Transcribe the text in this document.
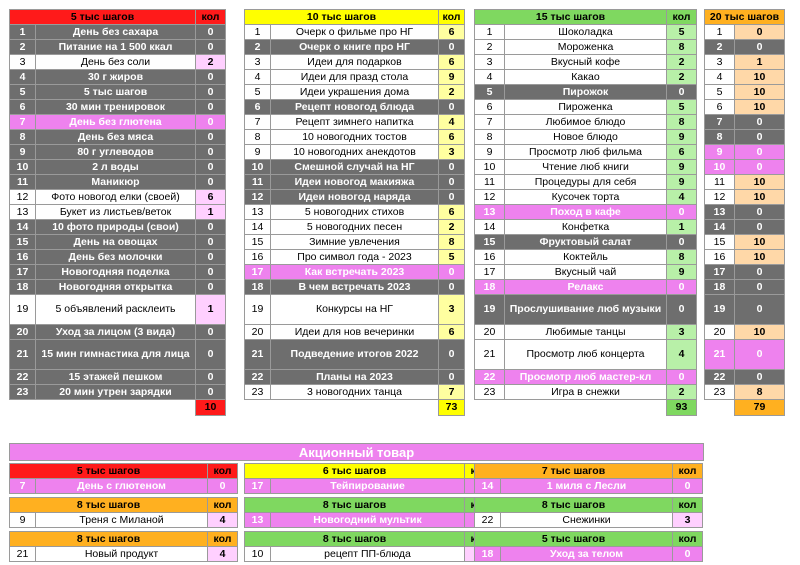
5 тыс шагов		кол
1	День без сахара	0
2	Питание на 1 500 ккал	0
3	День без соли	2
4	30 г жиров	0
5	5 тыс шагов	0
6	30 мин тренировок	0
7	День без глютена	0
8	День без мяса	0
9	80 г углеводов	0
10	2 л воды	0
11	Маникюр	0
12	Фото новогод елки (своей)	6
13	Букет из листьев/веток	1
14	10 фото природы (свои)	0
15	День на овощах	0
16	День без молочки	0
17	Новогодняя поделка	0
18	Новогодняя открытка	0
19	5 объявлений расклеить	1
20	Уход за лицом (3 вида)	0
21	15 мин гимнастика для лица	0
22	15 этажей пешком	0
23	20 мин утрен зарядки	0
		10
10 тыс шагов		кол
1	Очерк о фильме про НГ	6
2	Очерк о книге про НГ	0
3	Идеи для подарков	6
4	Идеи для празд стола	9
5	Идеи украшения дома	2
6	Рецепт новогод блюда	0
7	Рецепт зимнего напитка	4
8	10 новогодних тостов	6
9	10 новогодних анекдотов	3
10	Смешной случай на НГ	0
11	Идеи новогод макияжа	0
12	Идеи новогод наряда	0
13	5 новогодних стихов	6
14	5 новогодних песен	2
15	Зимние увлечения	8
16	Про символ года - 2023	5
17	Как встречать 2023	0
18	В чем встречать 2023	0
19	Конкурсы на НГ	3
20	Идеи для нов вечеринки	6
21	Подведение итогов 2022	0
22	Планы на 2023	0
23	3 новогодних танца	7
		73
15 тыс шагов		кол
1	Шоколадка	5
2	Мороженка	8
3	Вкусный кофе	2
4	Какао	2
5	Пирожок	0
6	Пироженка	5
7	Любимое блюдо	8
8	Новое блюдо	9
9	Просмотр люб фильма	6
10	Чтение люб книги	9
11	Процедуры для себя	9
12	Кусочек торта	4
13	Поход в кафе	0
14	Конфетка	1
15	Фруктовый салат	0
16	Коктейль	8
17	Вкусный чай	9
18	Релакс	0
19	Прослушивание люб музыки	0
20	Любимые танцы	3
21	Просмотр люб концерта	4
22	Просмотр люб мастер-кл	0
23	Игра в снежки	2
		93
20 тыс шагов	
1	0
2	0
3	1
4	10
5	10
6	10
7	0
8	0
9	0
10	0
11	10
12	10
13	0
14	0
15	10
16	10
17	0
18	0
19	0
20	10
21	0
22	0
23	8
	79
Акционный товар
5 тыс шагов		кол
7	День с глютеном	0
6 тыс шагов		кол
17	Тейпирование	
7 тыс шагов		кол
14	1 миля с Лесли	0
8 тыс шагов		кол
9	Треня с Миланой	4
8 тыс шагов		кол
13	Новогодний мультик	
8 тыс шагов		кол
22	Снежинки	3
8 тыс шагов		кол
21	Новый продукт	4
8 тыс шагов		кол
10	рецепт ПП-блюда	
5 тыс шагов		кол
18	Уход за телом	0
